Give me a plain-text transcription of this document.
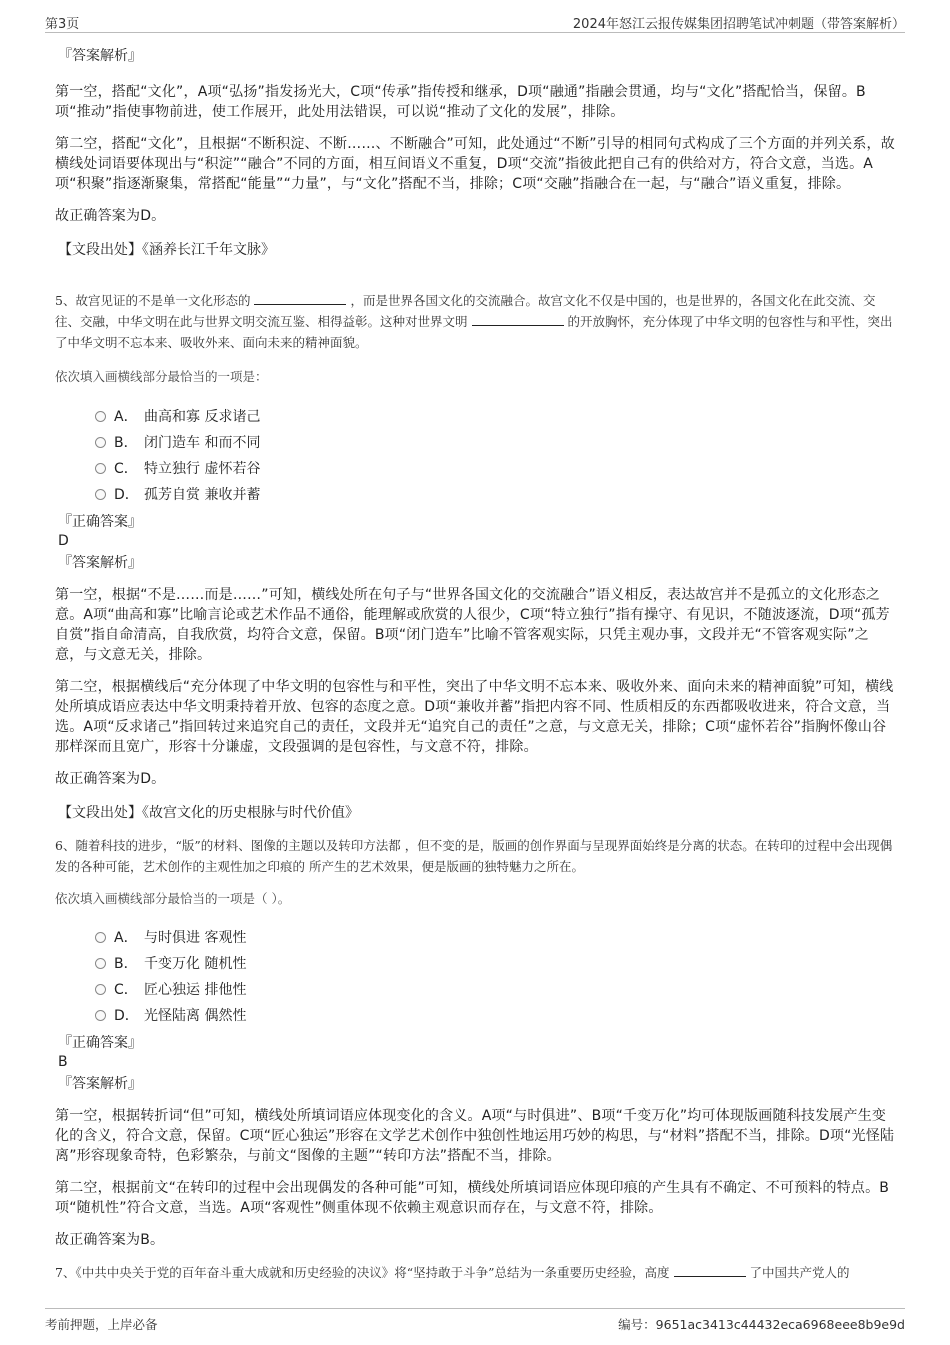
第3页	2024年怒江云报传媒集团招聘笔试冲刺题（带答案解析）

『答案解析』

第一空，搭配“文化”，A项“弘扬”指发扬光大，C项“传承”指传授和继承，D项“融通”指融会贯通，均与“文化”搭配恰当，保留。B项“推动”指使事物前进，使工作展开，此处用法错误，可以说“推动了文化的发展”，排除。

第二空，搭配“文化”，且根据“不断积淀、不断……、不断融合”可知，此处通过“不断”引导的相同句式构成了三个方面的并列关系，故横线处词语要体现出与“积淀”“融合”不同的方面，相互间语义不重复，D项“交流”指彼此把自己有的供给对方，符合文意，当选。A项“积聚”指逐渐聚集，常搭配“能量”“力量”，与“文化”搭配不当，排除；C项“交融”指融合在一起，与“融合”语义重复，排除。

故正确答案为D。

【文段出处】《涵养长江千年文脉》

5、故宫见证的不是单一文化形态的	，而是世界各国文化的交流融合。故宫文化不仅是中国的，也是世界的，各国文化在此交流、交往、交融，中华文明在此与世界文明交流互鉴、相得益彰。这种对世界文明	的开放胸怀，充分体现了中华文明的包容性与和平性，突出了中华文明不忘本来、吸收外来、面向未来的精神面貌。

依次填入画横线部分最恰当的一项是：

A． 曲高和寡 反求诸己
B． 闭门造车 和而不同
C． 特立独行 虚怀若谷
D． 孤芳自赏 兼收并蓄

『正确答案』

D

『答案解析』

第一空，根据“不是……而是……”可知，横线处所在句子与“世界各国文化的交流融合”语义相反，表达故宫并不是孤立的文化形态之意。A项“曲高和寡”比喻言论或艺术作品不通俗，能理解或欣赏的人很少，C项“特立独行”指有操守、有见识，不随波逐流，D项“孤芳自赏”指自命清高，自我欣赏，均符合文意，保留。B项“闭门造车”比喻不管客观实际，只凭主观办事，文段并无“不管客观实际”之意，与文意无关，排除。

第二空，根据横线后“充分体现了中华文明的包容性与和平性，突出了中华文明不忘本来、吸收外来、面向未来的精神面貌”可知，横线处所填成语应表达中华文明秉持着开放、包容的态度之意。D项“兼收并蓄”指把内容不同、性质相反的东西都吸收进来，符合文意，当选。A项“反求诸己”指回转过来追究自己的责任，文段并无“追究自己的责任”之意，与文意无关，排除；C项“虚怀若谷”指胸怀像山谷那样深而且宽广，形容十分谦虚，文段强调的是包容性，与文意不符，排除。

故正确答案为D。

【文段出处】《故宫文化的历史根脉与时代价值》

6、随着科技的进步，“版”的材料、图像的主题以及转印方法都 ，但不变的是，版画的创作界面与呈现界面始终是分离的状态。在转印的过程中会出现偶发的各种可能，艺术创作的主观性加之印痕的 所产生的艺术效果，便是版画的独特魅力之所在。

依次填入画横线部分最恰当的一项是（ ）。

A． 与时俱进 客观性
B． 千变万化 随机性
C． 匠心独运 排他性
D． 光怪陆离 偶然性

『正确答案』

B

『答案解析』

第一空，根据转折词“但”可知，横线处所填词语应体现变化的含义。A项“与时俱进”、B项“千变万化”均可体现版画随科技发展产生变化的含义，符合文意，保留。C项“匠心独运”形容在文学艺术创作中独创性地运用巧妙的构思，与“材料”搭配不当，排除。D项“光怪陆离”形容现象奇特，色彩繁杂，与前文“图像的主题”“转印方法”搭配不当，排除。

第二空，根据前文“在转印的过程中会出现偶发的各种可能”可知，横线处所填词语应体现印痕的产生具有不确定、不可预料的特点。B项“随机性”符合文意，当选。A项“客观性”侧重体现不依赖主观意识而存在，与文意不符，排除。

故正确答案为B。

7、《中共中央关于党的百年奋斗重大成就和历史经验的决议》将“坚持敢于斗争”总结为一条重要历史经验，高度	了中国共产党人的

考前押题，上岸必备	编号：9651ac3413c44432eca6968eee8b9e9d
